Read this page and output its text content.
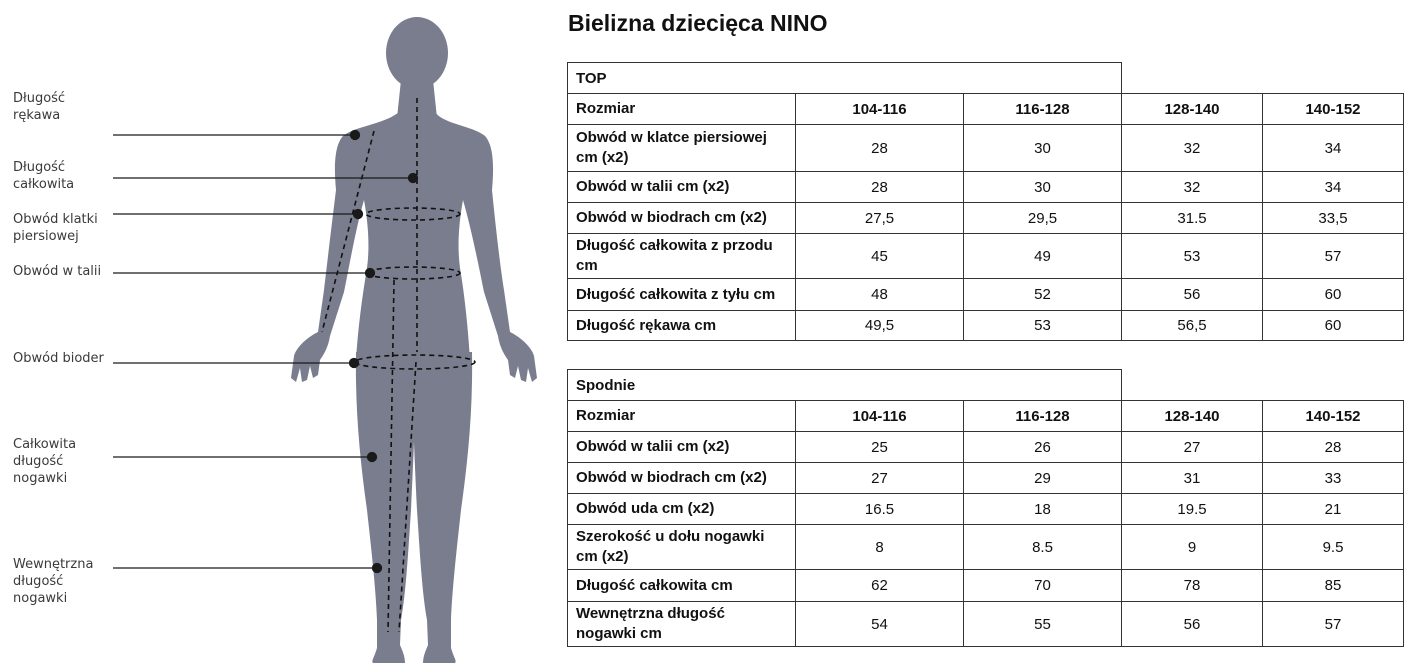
Długość
rękawa
Długość
całkowita
Obwód klatki
piersiowej
Obwód w talii
Obwód bioder
Całkowita
długość
nogawki
Wewnętrzna
długość
nogawki
Bielizna dziecięca NINO
TOP				
Rozmiar	104-116	116-128	128-140	140-152
Obwód w klatce piersiowej cm (x2)	28	30	32	34
Obwód w talii cm (x2)	28	30	32	34
Obwód w biodrach cm (x2)	27,5	29,5	31.5	33,5
Długość całkowita z przodu cm	45	49	53	57
Długość całkowita z tyłu cm	48	52	56	60
Długość rękawa cm	49,5	53	56,5	60
Spodnie				
Rozmiar	104-116	116-128	128-140	140-152
Obwód w talii cm (x2)	25	26	27	28
Obwód w biodrach cm (x2)	27	29	31	33
Obwód uda cm (x2)	16.5	18	19.5	21
Szerokość u dołu nogawki cm (x2)	8	8.5	9	9.5
Długość całkowita cm	62	70	78	85
Wewnętrzna długość nogawki cm	54	55	56	57
